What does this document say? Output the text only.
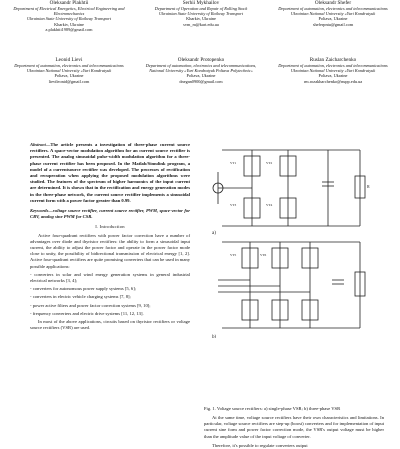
Oleksandr Plakhtii
Department of Electrical Energetics, Electrical Engineering and Electromechanics
Ukrainian State University of Railway Transport
Kharkiv, Ukraine
a.plakhtii1989@gmail.com
Serhii Mykhailov
Department of Operation and Repair of Rolling Stock
Ukrainian State University of Railway Transport
Kharkiv, Ukraine
svm_m@kart.edu.ua
Oleksandr Shefer
Department of automation, electronics and telecommunications
Ukrainian National University «Yuri Kondratyuk
Poltava, Ukraine
sheferpntu@gmail.com
Leonid Lievi
Department of automation, electronics and telecommunications
Ukrainian National University «Yuri Kondratyuk
Poltava, Ukraine
lievileonid@gmail.com
Oleksandr Protopenko
Department of automation, electronics and telecommunications, National University «Yuri Kondratyuk Poltava Polytechnic»
Poltava, Ukraine
dnegan0900@gmail.com
Ruslan Zaicharchenko
Department of automation, electronics and telecommunications
Ukrainian National University «Yuri Kondratyuk
Poltava, Ukraine
rm.rozakharchenko@nupp.edu.ua
Abstract—The article presents a investigation of three-phase current source rectifiers. A space-vector modulation algorithm for an current source rectifier is presented. The analog sinusoidal pulse-width modulation algorithm for a three-phase current rectifier has been proposed. In the Matlab/Simulink program, a model of a currentsource rectifier was developed. The processes of rectification and recuperation when applying the proposed modulation algorithms were studied. The features of the spectrum of higher harmonics of the input current are determined. It is shown that in the rectification and energy generation modes in the three-phase network, the current source rectifier implements a sinusoidal current form with a power factor greater than 0.99.
Keywords—voltage source rectifier, current source rectifier, PWM, space-vector for CRV, analog sine PWM for CSR.
I. Introduction
Active four-quadrant rectifiers with power factor correction have a number of advantages over diode and thyristor rectifiers: the ability to form a sinusoidal input current, the ability to adjust the power factor and operate in the power factor mode close to unity, the possibility of bidirectional transmission of electrical energy [1, 2]. Active four-quadrant rectifiers are quite promising converters that can be used in many possible applications:
- converters in solar and wind energy generation systems in general industrial electrical networks [3, 4];
- converters for autonomous power supply systems [5, 6];
- converters in electric vehicle charging systems [7, 8];
- power active filters and power factor correction systems [9, 10];
- frequency converters and electric drive systems [11, 12, 13].
In most of the above applications, circuits based on thyristor rectifiers or voltage source rectifiers (VSR) are used.
a)
b)
VT1	VT2
VT3	VT4
VT5	VT6
R
Fig. 1. Voltage source rectifiers: a) single-phase VSR; b) three-phase VSR
At the same time, voltage source rectifiers have their own characteristics and limitations. In particular, voltage source rectifiers are step-up (boost) converters and for implementation of input current sine form and power factor correction mode, the VSR's output voltage must be higher than the amplitude value of the input voltage of converter.
Therefore, it's possible to regulate converters output
